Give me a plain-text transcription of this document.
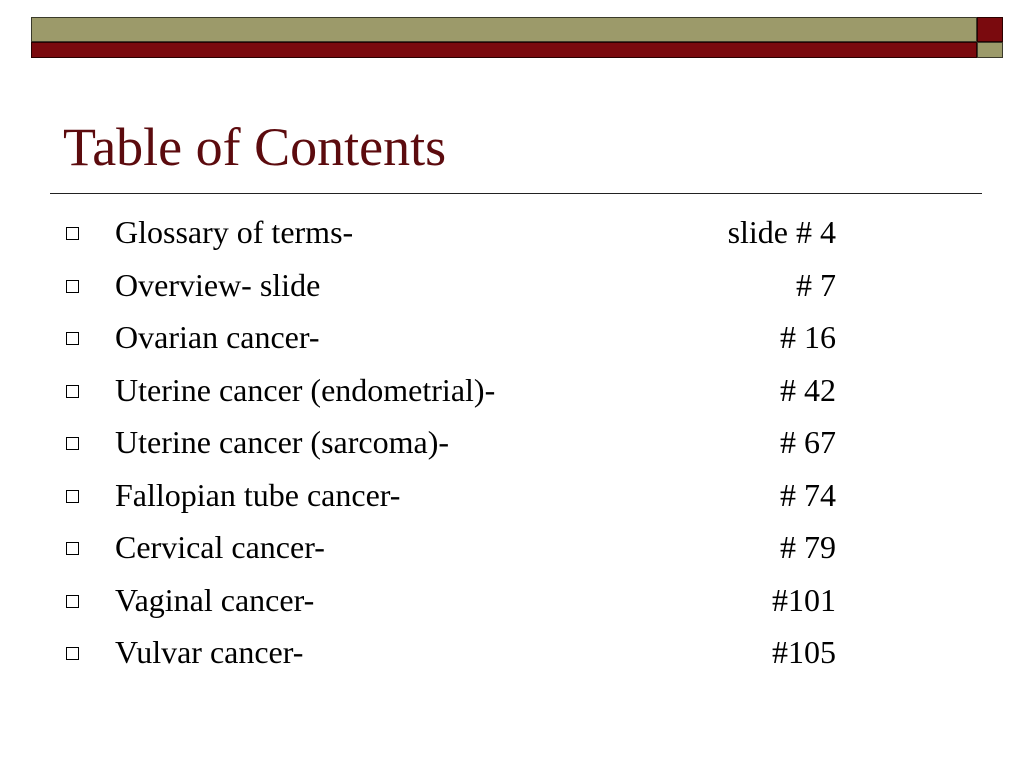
Table of Contents
Glossary of terms-	slide # 4
Overview- slide	# 7
Ovarian cancer-	# 16
Uterine cancer (endometrial)-	# 42
Uterine cancer (sarcoma)-	# 67
Fallopian tube cancer-	# 74
Cervical cancer-	# 79
Vaginal cancer-	#101
Vulvar cancer-	#105
